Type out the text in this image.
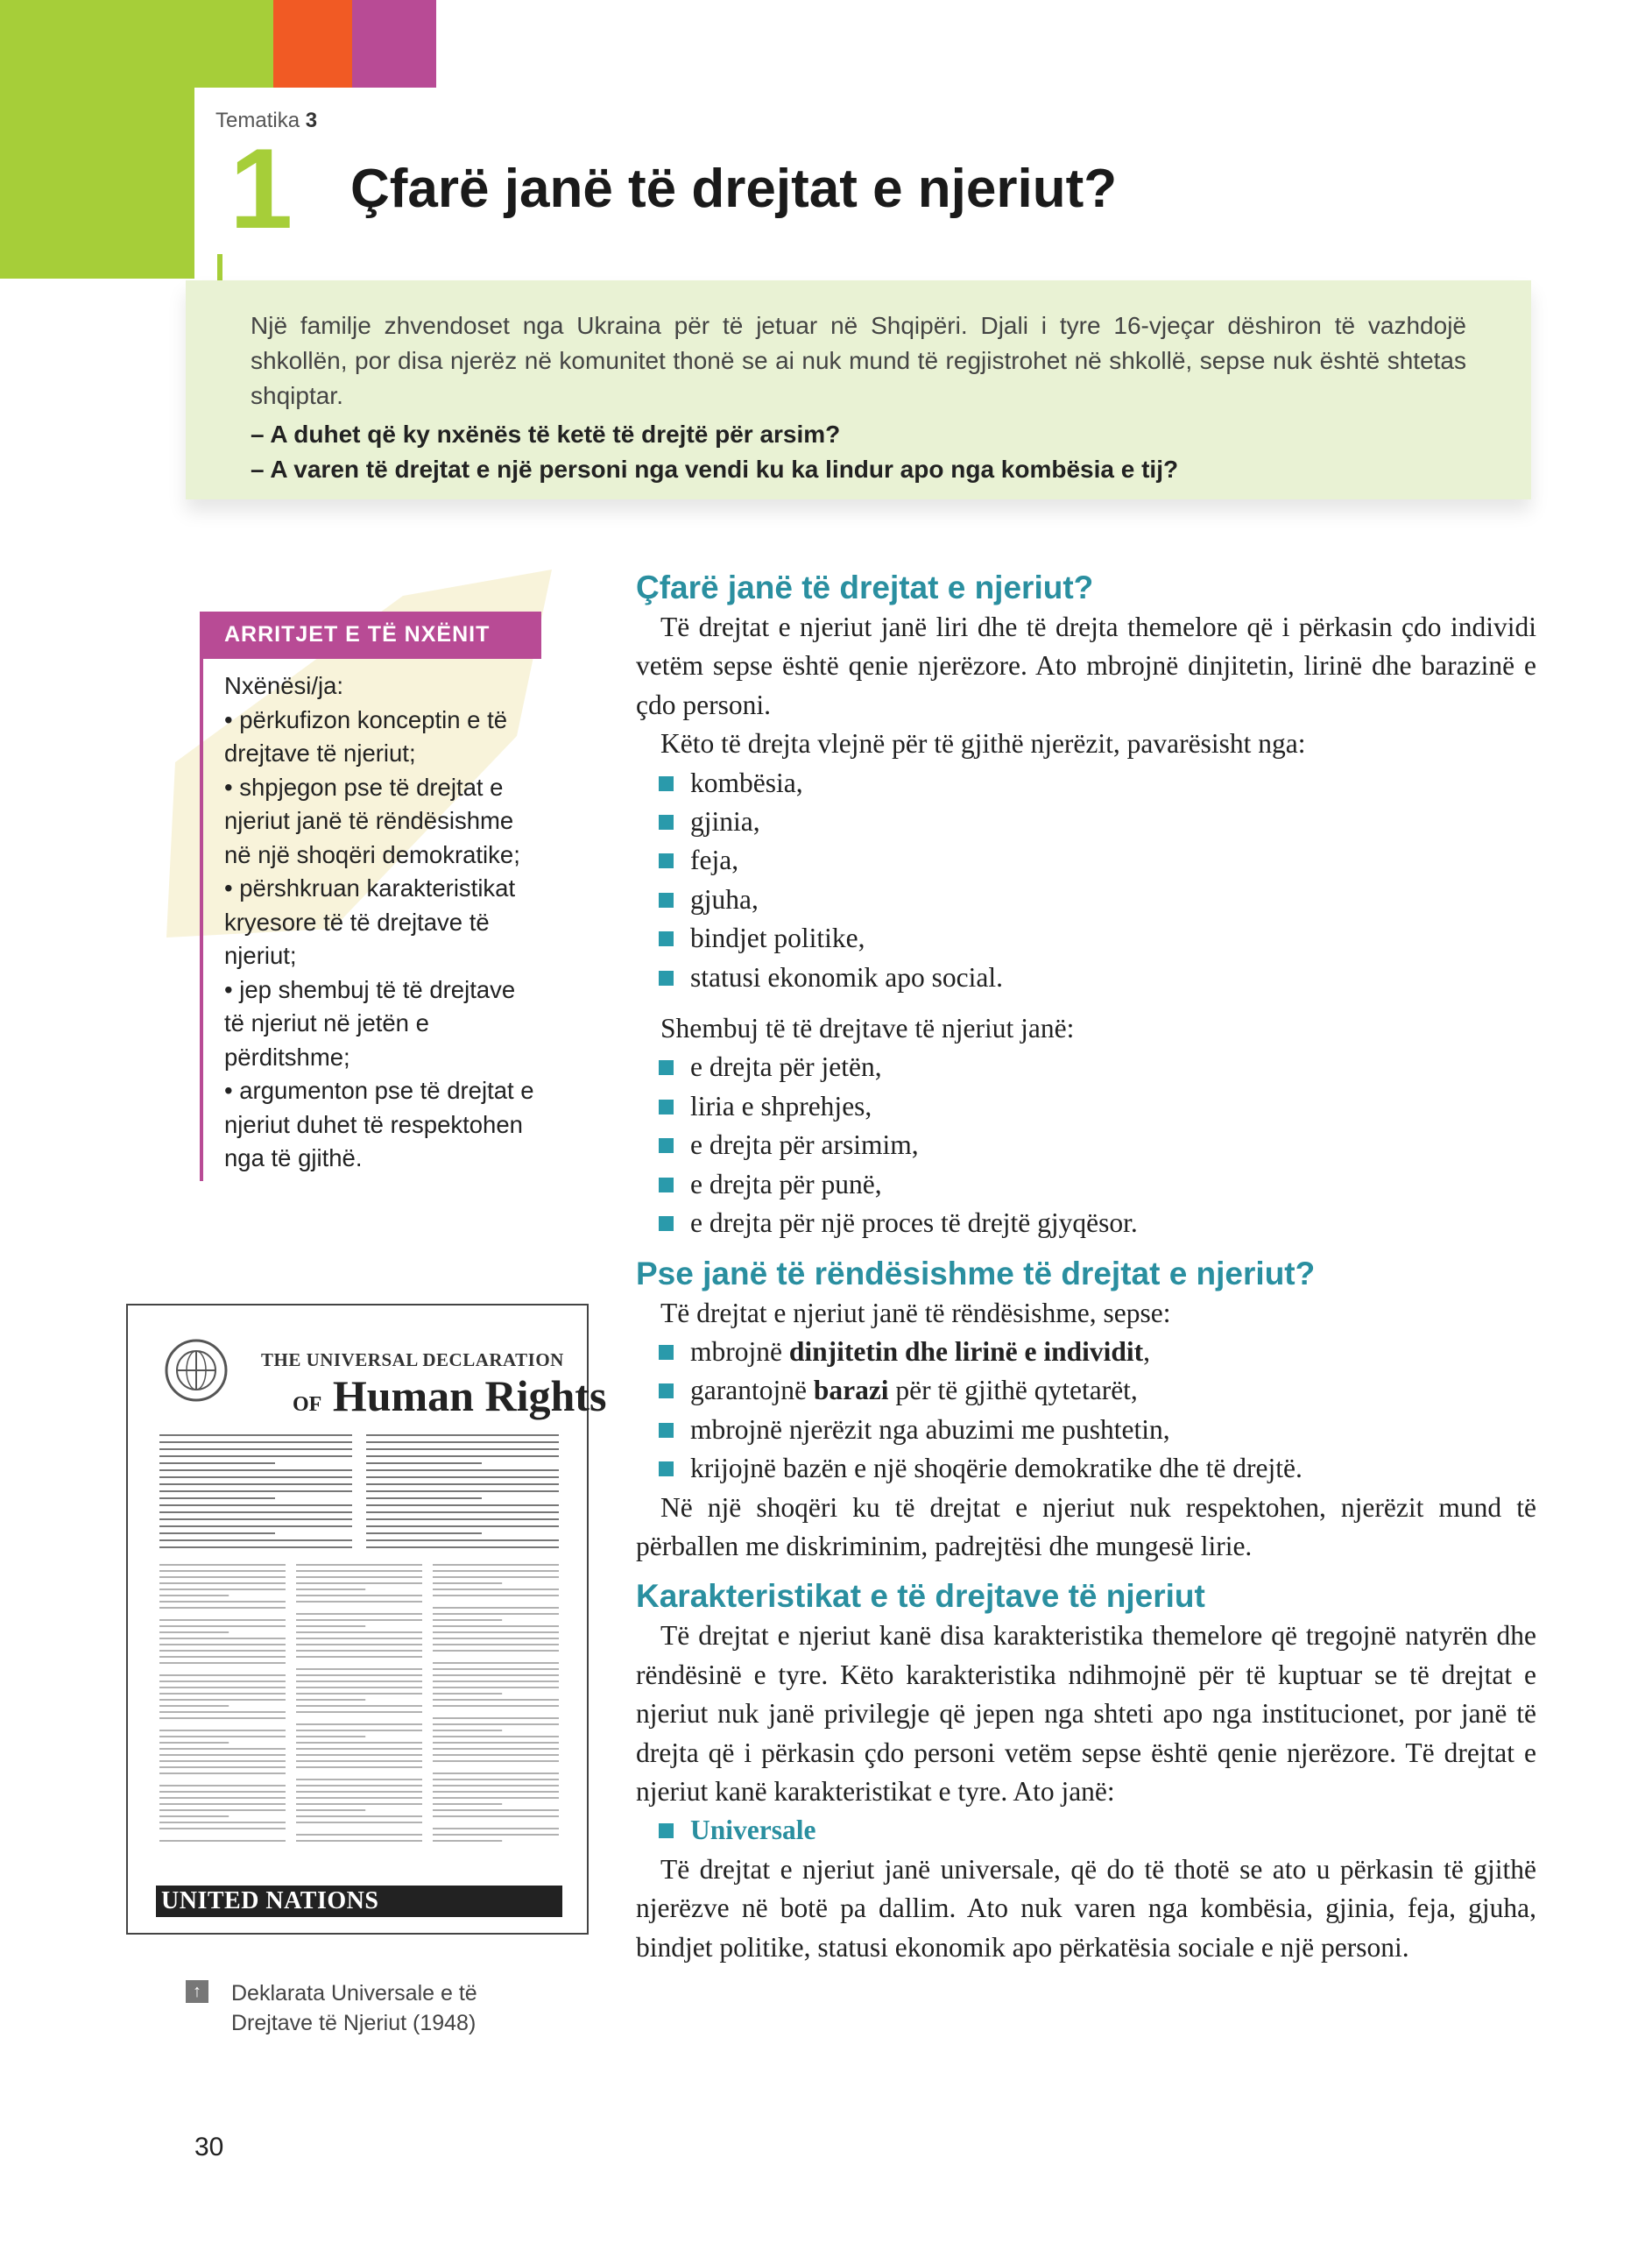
Tematika 3
1 Çfarë janë të drejtat e njeriut?

Një familje zhvendoset nga Ukraina për të jetuar në Shqipëri. Djali i tyre 16-vjeçar dëshiron të vazhdojë shkollën, por disa njerëz në komunitet thonë se ai nuk mund të regjistrohet në shkollë, sepse nuk është shtetas shqiptar.

– A duhet që ky nxënës të ketë të drejtë për arsim?

– A varen të drejtat e një personi nga vendi ku ka lindur apo nga kombësia e tij?

ARRITJET E TË NXËNIT
Nxënësi/ja:
• përkufizon konceptin e të drejtave të njeriut;
• shpjegon pse të drejtat e njeriut janë të rëndësishme në një shoqëri demokratike;
• përshkruan karakteristikat kryesore të të drejtave të njeriut;
• jep shembuj të të drejtave të njeriut në jetën e përditshme;
• argumenton pse të drejtat e njeriut duhet të respektohen nga të gjithë.
THE UNIVERSAL DECLARATION
OF Human Rights
UNITED NATIONS
↑	Deklarata Universale e të Drejtave të Njeriut (1948)
30
Çfarë janë të drejtat e njeriut?

Të drejtat e njeriut janë liri dhe të drejta themelore që i përkasin çdo individi vetëm sepse është qenie njerëzore. Ato mbrojnë dinjitetin, lirinë dhe barazinë e çdo personi.

Këto të drejta vlejnë për të gjithë njerëzit, pavarësisht nga:

kombësia,
gjinia,
feja,
gjuha,
bindjet politike,
statusi ekonomik apo social.

Shembuj të të drejtave të njeriut janë:

e drejta për jetën,
liria e shprehjes,
e drejta për arsimim,
e drejta për punë,
e drejta për një proces të drejtë gjyqësor.
Pse janë të rëndësishme të drejtat e njeriut?

Të drejtat e njeriut janë të rëndësishme, sepse:

mbrojnë dinjitetin dhe lirinë e individit,
garantojnë barazi për të gjithë qytetarët,
mbrojnë njerëzit nga abuzimi me pushtetin,
krijojnë bazën e një shoqërie demokratike dhe të drejtë.

Në një shoqëri ku të drejtat e njeriut nuk respektohen, njerëzit mund të përballen me diskriminim, padrejtësi dhe mungesë lirie.

Karakteristikat e të drejtave të njeriut

Të drejtat e njeriut kanë disa karakteristika themelore që tregojnë natyrën dhe rëndësinë e tyre. Këto karakteristika ndihmojnë për të kuptuar se të drejtat e njeriut nuk janë privilegje që jepen nga shteti apo nga institucionet, por janë të drejta që i përkasin çdo personi vetëm sepse është qenie njerëzore. Të drejtat e njeriut kanë karakteristikat e tyre. Ato janë:

Universale

Të drejtat e njeriut janë universale, që do të thotë se ato u përkasin të gjithë njerëzve në botë pa dallim. Ato nuk varen nga kombësia, gjinia, feja, gjuha, bindjet politike, statusi ekonomik apo përkatësia sociale e një personi.
